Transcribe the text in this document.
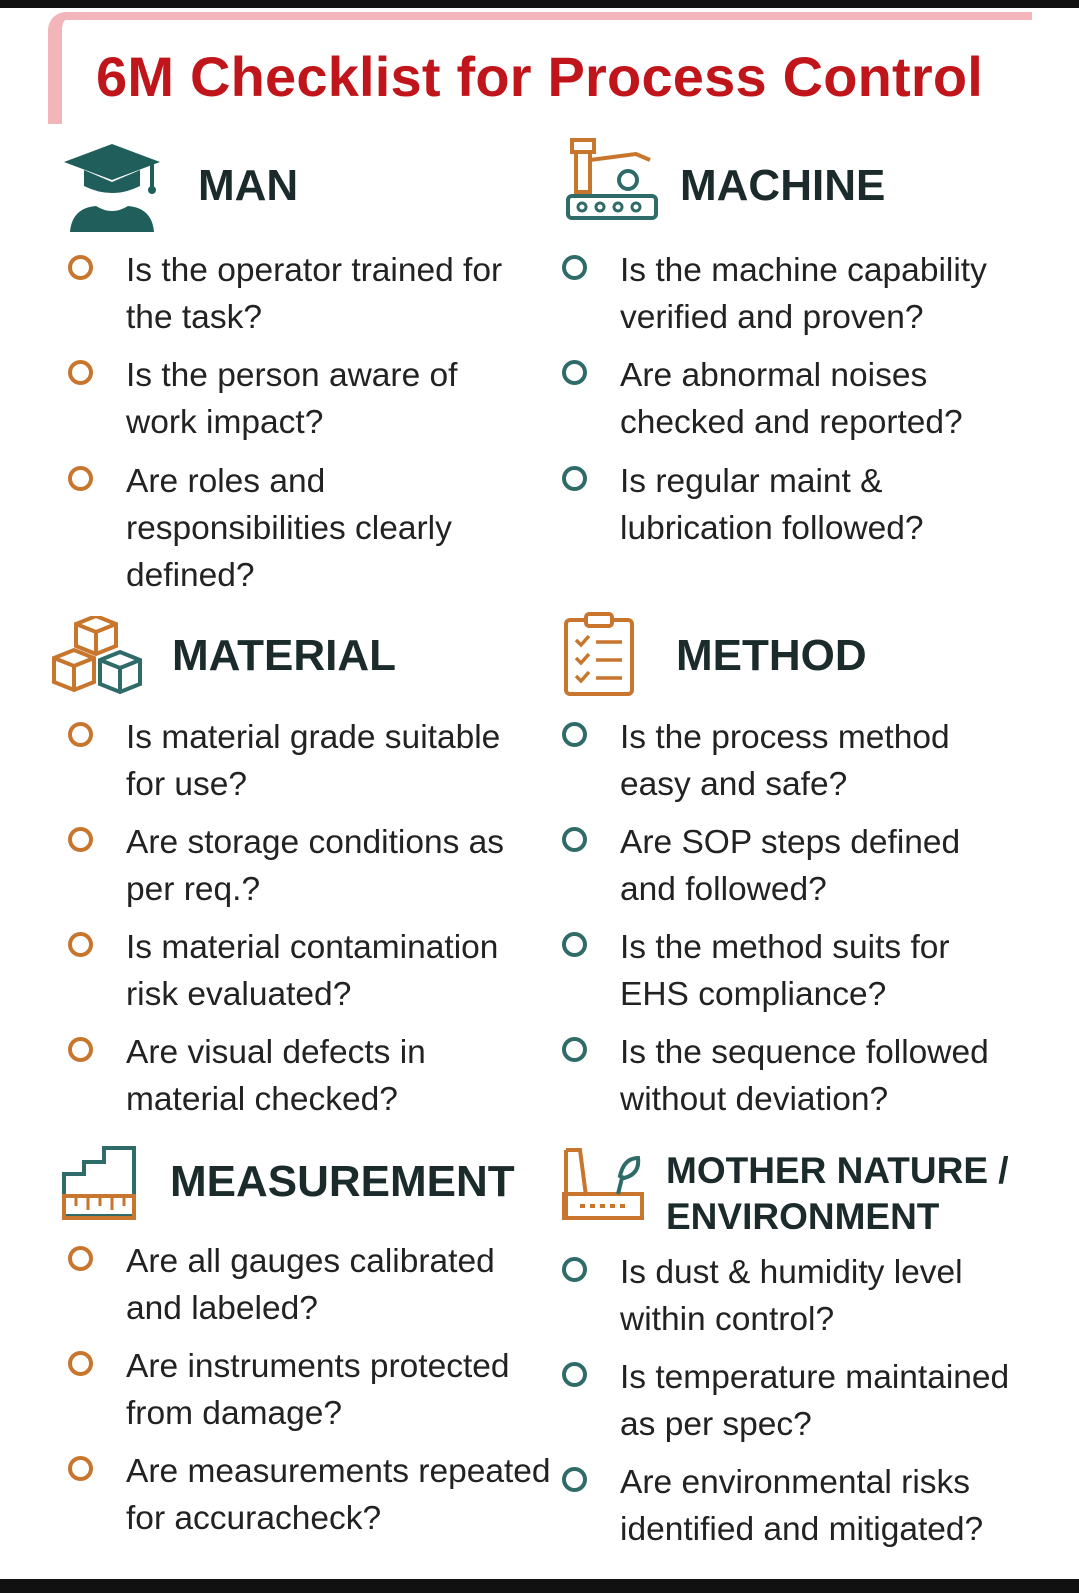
6M Checklist for Process Control
MAN
Is the operator trained for the task?
Is the person aware of work impact?
Are roles and responsibilities clearly defined?
MACHINE
Is the machine capability verified and proven?
Are abnormal noises checked and reported?
Is regular maint & lubrication followed?
MATERIAL
Is material grade suitable for use?
Are storage conditions as per req.?
Is material contamination risk evaluated?
Are visual defects in material checked?
METHOD
Is the process method easy and safe?
Are SOP steps defined and followed?
Is the method suits for EHS compliance?
Is the sequence followed without deviation?
MEASUREMENT
Are all gauges calibrated and labeled?
Are instruments protected from damage?
Are measurements repeated for accuracheck?
MOTHER NATURE /
ENVIRONMENT
Is dust & humidity level within control?
Is temperature maintained as per spec?
Are environmental risks identified and mitigated?
